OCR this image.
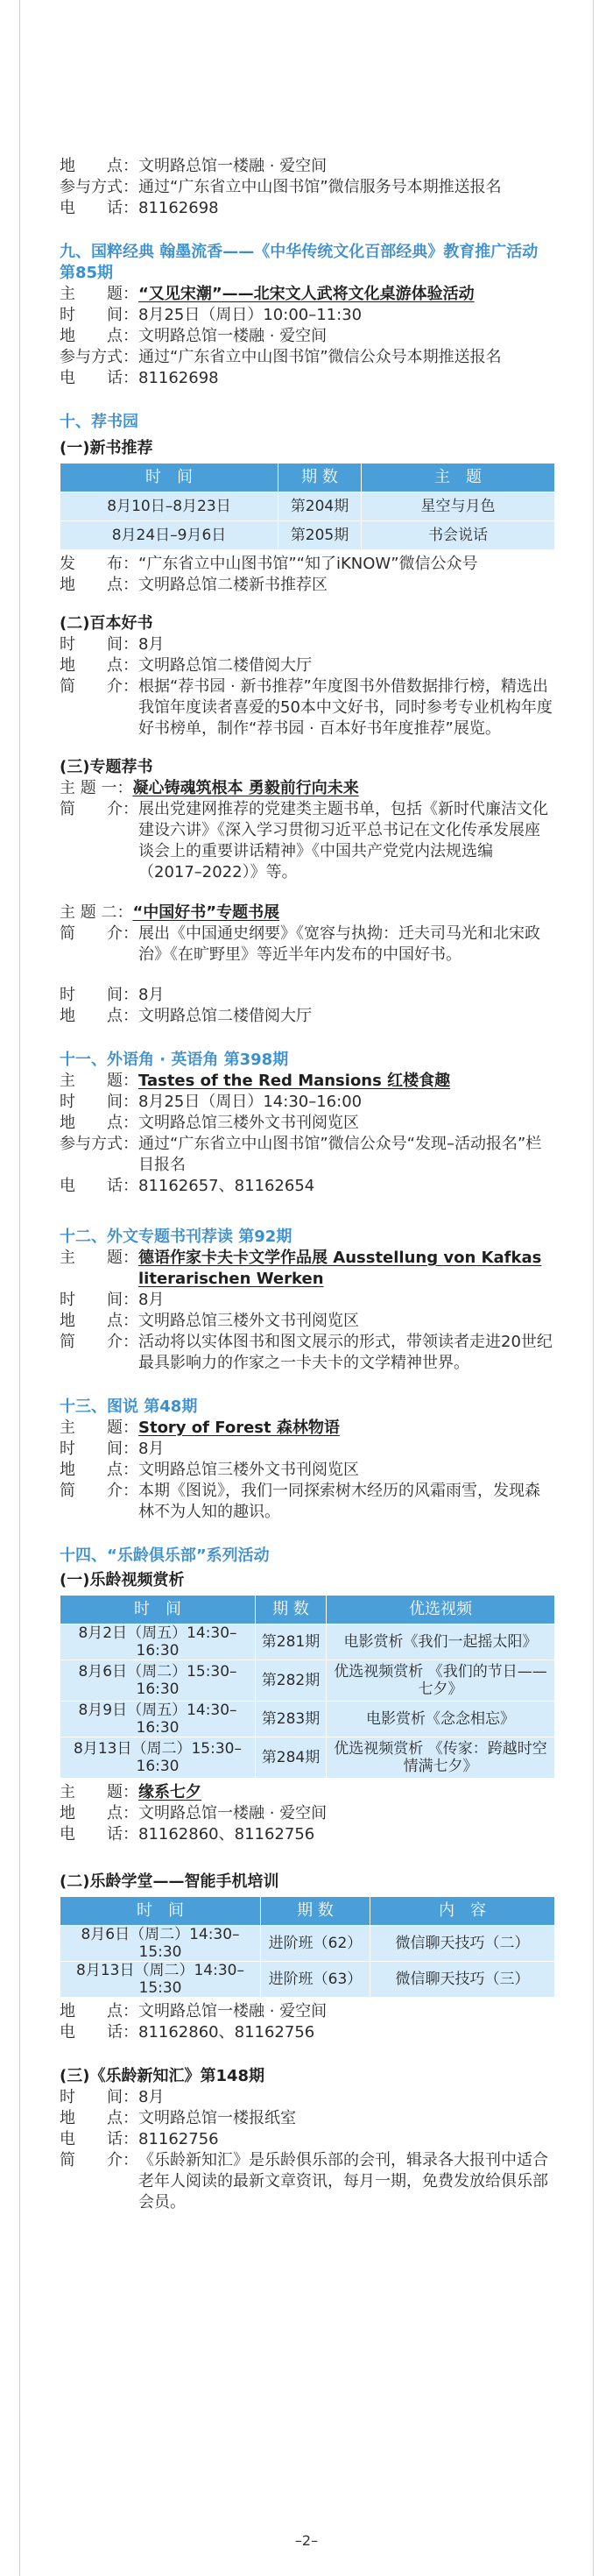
地　　点： 文明路总馆一楼融 · 爱空间
参与方式： 通过“广东省立中山图书馆”微信服务号本期推送报名
电　　话： 81162698
九、国粹经典 翰墨流香——《中华传统文化百部经典》教育推广活动 第85期
主　　题： “又见宋潮”——北宋文人武将文化桌游体验活动
时　　间： 8月25日（周日）10:00–11:30
地　　点： 文明路总馆一楼融 · 爱空间
参与方式： 通过“广东省立中山图书馆”微信公众号本期推送报名
电　　话： 81162698
十、荐书园
(一)新书推荐
时　间	期 数	主　题
8月10日–8月23日	第204期	星空与月色
8月24日–9月6日	第205期	书会说话
发　　布： “广东省立中山图书馆”“知了iKNOW”微信公众号
地　　点： 文明路总馆二楼新书推荐区
(二)百本好书
时　　间： 8月
地　　点： 文明路总馆二楼借阅大厅
简　　介： 根据“荐书园 · 新书推荐”年度图书外借数据排行榜，精选出我馆年度读者喜爱的50本中文好书，同时参考专业机构年度好书榜单，制作“荐书园 · 百本好书年度推荐”展览。
(三)专题荐书
主 题 一： 凝心铸魂筑根本 勇毅前行向未来
简　　介： 展出党建网推荐的党建类主题书单，包括《新时代廉洁文化建设六讲》《深入学习贯彻习近平总书记在文化传承发展座谈会上的重要讲话精神》《中国共产党党内法规选编（2017–2022）》等。
主 题 二： “中国好书”专题书展
简　　介： 展出《中国通史纲要》《宽容与执拗：迁夫司马光和北宋政治》《在旷野里》等近半年内发布的中国好书。
时　　间： 8月
地　　点： 文明路总馆二楼借阅大厅
十一、外语角 · 英语角 第398期
主　　题： Tastes of the Red Mansions 红楼食趣
时　　间： 8月25日（周日）14:30–16:00
地　　点： 文明路总馆三楼外文书刊阅览区
参与方式： 通过“广东省立中山图书馆”微信公众号“发现–活动报名”栏目报名
电　　话： 81162657、81162654
十二、外文专题书刊荐读 第92期
主　　题： 德语作家卡夫卡文学作品展 Ausstellung von Kafkas literarischen Werken
时　　间： 8月
地　　点： 文明路总馆三楼外文书刊阅览区
简　　介： 活动将以实体图书和图文展示的形式，带领读者走进20世纪最具影响力的作家之一卡夫卡的文学精神世界。
十三、图说 第48期
主　　题： Story of Forest 森林物语
时　　间： 8月
地　　点： 文明路总馆三楼外文书刊阅览区
简　　介： 本期《图说》，我们一同探索树木经历的风霜雨雪，发现森林不为人知的趣识。
十四、“乐龄俱乐部”系列活动
(一)乐龄视频赏析
时　间	期 数	优选视频
8月2日（周五）14:30–16:30	第281期	电影赏析《我们一起摇太阳》
8月6日（周二）15:30–16:30	第282期	优选视频赏析 《我们的节日——七夕》
8月9日（周五）14:30–16:30	第283期	电影赏析《念念相忘》
8月13日（周二）15:30–16:30	第284期	优选视频赏析 《传家：跨越时空 情满七夕》
主　　题： 缘系七夕
地　　点： 文明路总馆一楼融 · 爱空间
电　　话： 81162860、81162756
(二)乐龄学堂——智能手机培训
时　间	期 数	内　容
8月6日（周二）14:30–15:30	进阶班（62）	微信聊天技巧（二）
8月13日（周二）14:30–15:30	进阶班（63）	微信聊天技巧（三）
地　　点： 文明路总馆一楼融 · 爱空间
电　　话： 81162860、81162756
(三)《乐龄新知汇》第148期
时　　间： 8月
地　　点： 文明路总馆一楼报纸室
电　　话： 81162756
简　　介： 《乐龄新知汇》是乐龄俱乐部的会刊，辑录各大报刊中适合老年人阅读的最新文章资讯，每月一期，免费发放给俱乐部会员。
–2–
